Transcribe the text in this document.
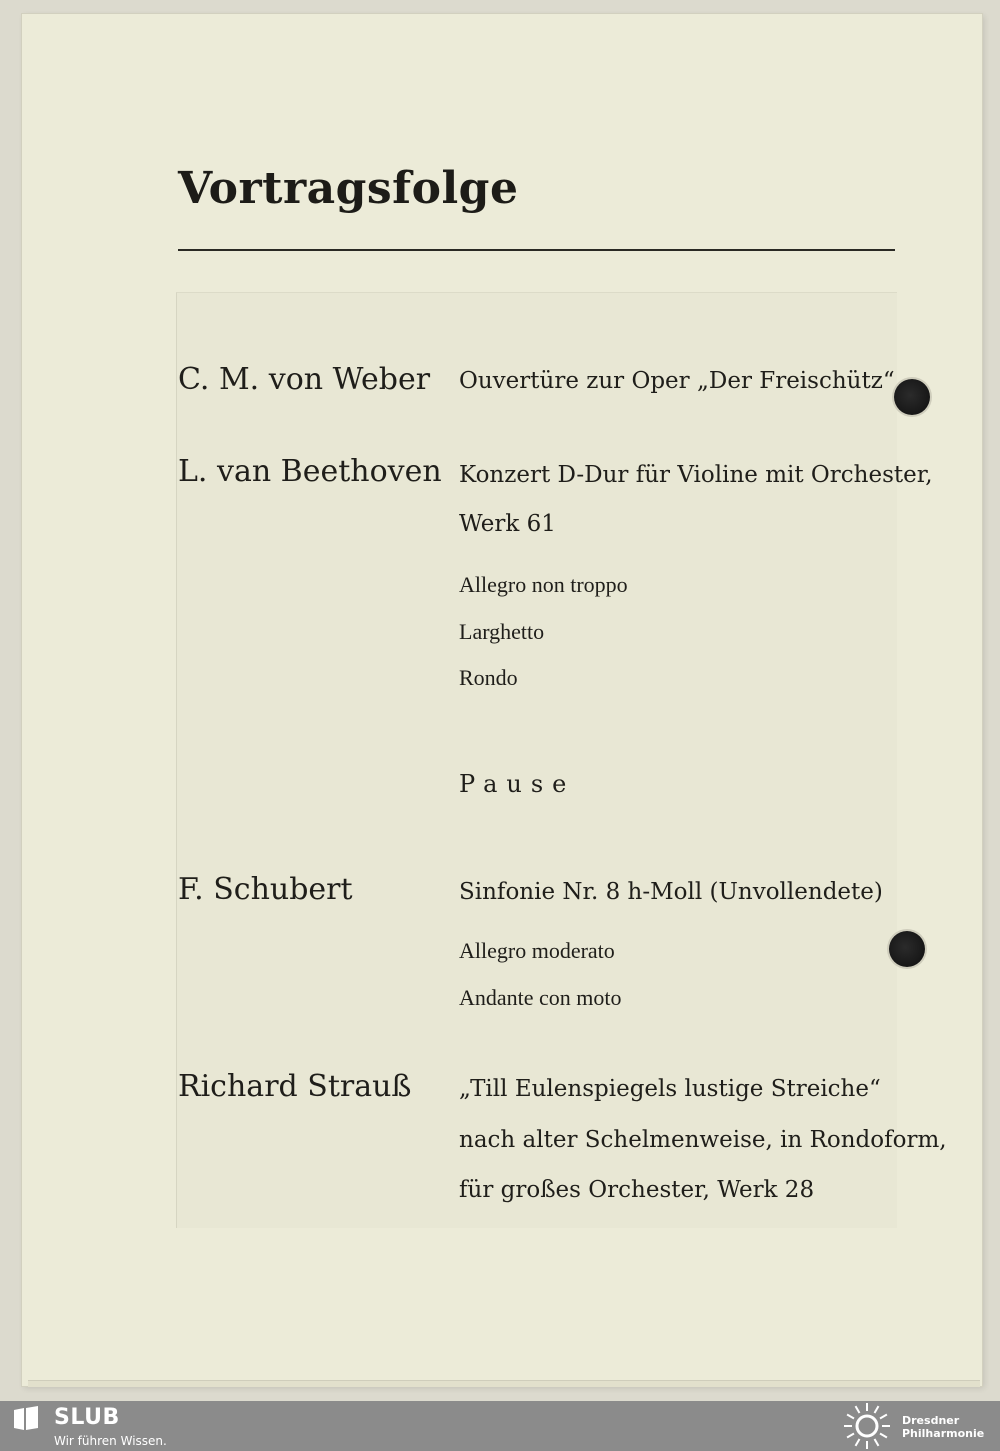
Vortragsfolge
C. M. von Weber Ouvertüre zur Oper „Der Freischütz“
L. van Beethoven Konzert D-Dur für Violine mit Orchester,
Werk 61
Allegro non troppo
Larghetto
Rondo
Pause
F. Schubert	Sinfonie Nr. 8 h-Moll (Unvollendete)
Allegro moderato
Andante con moto
Richard Strauß „Till Eulenspiegels lustige Streiche“
nach alter Schelmenweise, in Rondoform,
für großes Orchester, Werk 28
SLUB
Wir führen Wissen.
Dresdner
Philharmonie
